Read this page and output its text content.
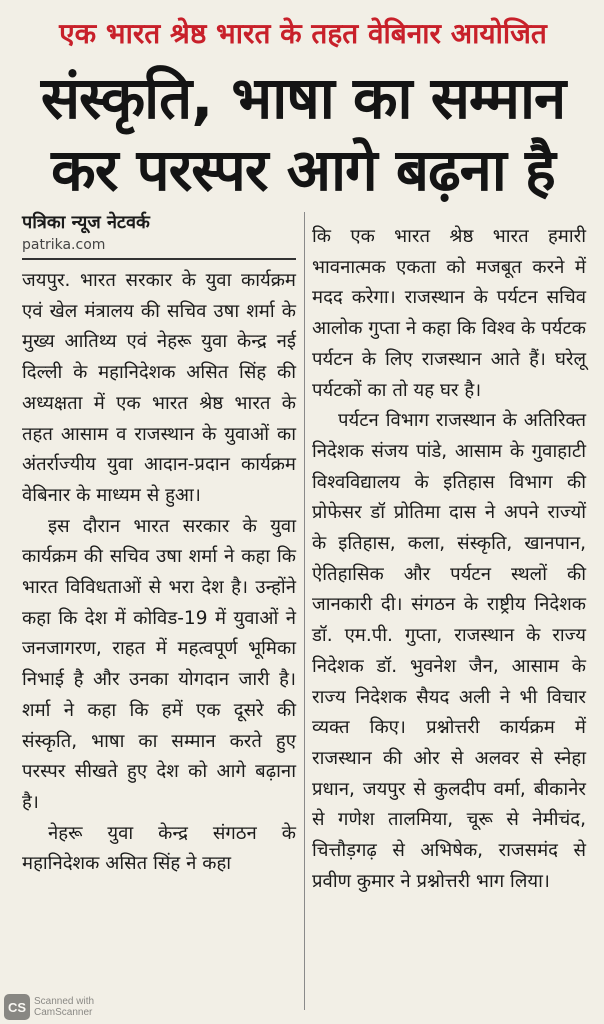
एक भारत श्रेष्ठ भारत के तहत वेबिनार आयोजित
संस्कृति, भाषा का सम्मान
कर परस्पर आगे बढ़ना है
पत्रिका न्यूज नेटवर्क
patrika.com

जयपुर. भारत सरकार के युवा कार्यक्रम एवं खेल मंत्रालय की सचिव उषा शर्मा के मुख्य आतिथ्य एवं नेहरू युवा केन्द्र नई दिल्ली के महानिदेशक असित सिंह की अध्यक्षता में एक भारत श्रेष्ठ भारत के तहत आसाम व राजस्थान के युवाओं का अंतर्राज्यीय युवा आदान-प्रदान कार्यक्रम वेबिनार के माध्यम से हुआ।

इस दौरान भारत सरकार के युवा कार्यक्रम की सचिव उषा शर्मा ने कहा कि भारत विविधताओं से भरा देश है। उन्होंने कहा कि देश में कोविड-19 में युवाओं ने जनजागरण, राहत में महत्वपूर्ण भूमिका निभाई है और उनका योगदान जारी है। शर्मा ने कहा कि हमें एक दूसरे की संस्कृति, भाषा का सम्मान करते हुए परस्पर सीखते हुए देश को आगे बढ़ाना है।

नेहरू युवा केन्द्र संगठन के महानिदेशक असित सिंह ने कहा

कि एक भारत श्रेष्ठ भारत हमारी भावनात्मक एकता को मजबूत करने में मदद करेगा। राजस्थान के पर्यटन सचिव आलोक गुप्ता ने कहा कि विश्व के पर्यटक पर्यटन के लिए राजस्थान आते हैं। घरेलू पर्यटकों का तो यह घर है।

पर्यटन विभाग राजस्थान के अतिरिक्त निदेशक संजय पांडे, आसाम के गुवाहाटी विश्वविद्यालय के इतिहास विभाग की प्रोफेसर डॉ प्रोतिमा दास ने अपने राज्यों के इतिहास, कला, संस्कृति, खानपान, ऐतिहासिक और पर्यटन स्थलों की जानकारी दी। संगठन के राष्ट्रीय निदेशक डॉ. एम.पी. गुप्ता, राजस्थान के राज्य निदेशक डॉ. भुवनेश जैन, आसाम के राज्य निदेशक सैयद अली ने भी विचार व्यक्त किए। प्रश्नोत्तरी कार्यक्रम में राजस्थान की ओर से अलवर से स्नेहा प्रधान, जयपुर से कुलदीप वर्मा, बीकानेर से गणेश तालमिया, चूरू से नेमीचंद, चित्तौड़गढ़ से अभिषेक, राजसमंद से प्रवीण कुमार ने प्रश्नोत्तरी भाग लिया।

CS Scanned with
CamScanner
